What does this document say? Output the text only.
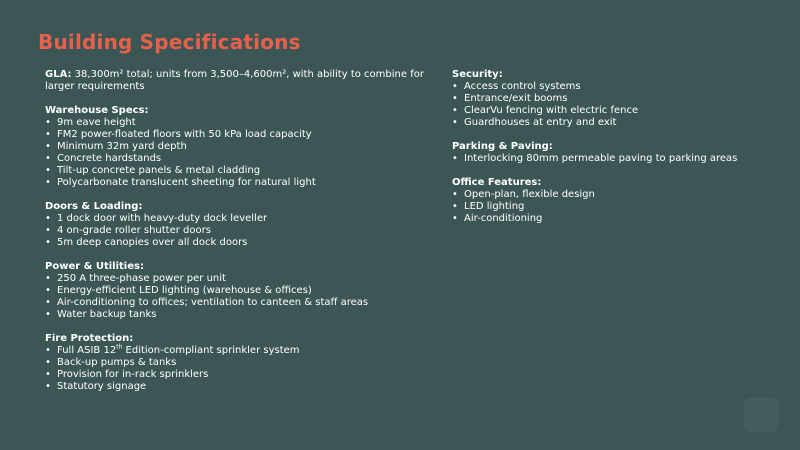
Building Specifications

GLA: 38,300m² total; units from 3,500–4,600m², with ability to combine for larger requirements

Warehouse Specs:

• 9m eave height
• FM2 power-floated floors with 50 kPa load capacity
• Minimum 32m yard depth
• Concrete hardstands
• Tilt-up concrete panels & metal cladding
• Polycarbonate translucent sheeting for natural light

Doors & Loading:

• 1 dock door with heavy-duty dock leveller
• 4 on-grade roller shutter doors
• 5m deep canopies over all dock doors

Power & Utilities:

• 250 A three-phase power per unit
• Energy-efficient LED lighting (warehouse & offices)
• Air-conditioning to offices; ventilation to canteen & staff areas
• Water backup tanks

Fire Protection:

• Full ASIB 12th Edition-compliant sprinkler system
• Back-up pumps & tanks
• Provision for in-rack sprinklers
• Statutory signage

Security:

• Access control systems
• Entrance/exit booms
• ClearVu fencing with electric fence
• Guardhouses at entry and exit

Parking & Paving:

• Interlocking 80mm permeable paving to parking areas

Office Features:

• Open-plan, flexible design
• LED lighting
• Air-conditioning
